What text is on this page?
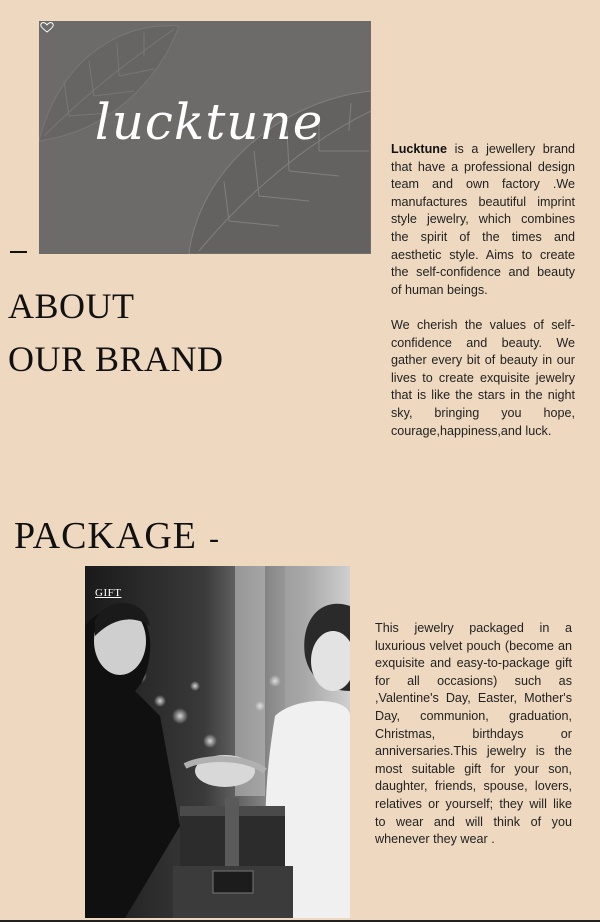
lucktune
ABOUT
OUR BRAND

Lucktune is a jewellery brand that have a professional design team and own factory .We manufactures beautiful imprint style jewelry, which combines the spirit of the times and aesthetic style. Aims to create the self-confidence and beauty of human beings.

We cherish the values of self-confidence and beauty. We gather every bit of beauty in our lives to create exquisite jewelry that is like the stars in the night sky, bringing you hope, courage,happiness,and luck.

PACKAGE -
GIFT

This jewelry packaged in a luxurious velvet pouch (become an exquisite and easy-to-package gift for all occasions) such as ,Valentine's Day, Easter, Mother's Day, communion, graduation, Christmas, birthdays or anniversaries.This jewelry is the most suitable gift for your son, daughter, friends, spouse, lovers, relatives or yourself; they will like to wear and will think of you whenever they wear .
